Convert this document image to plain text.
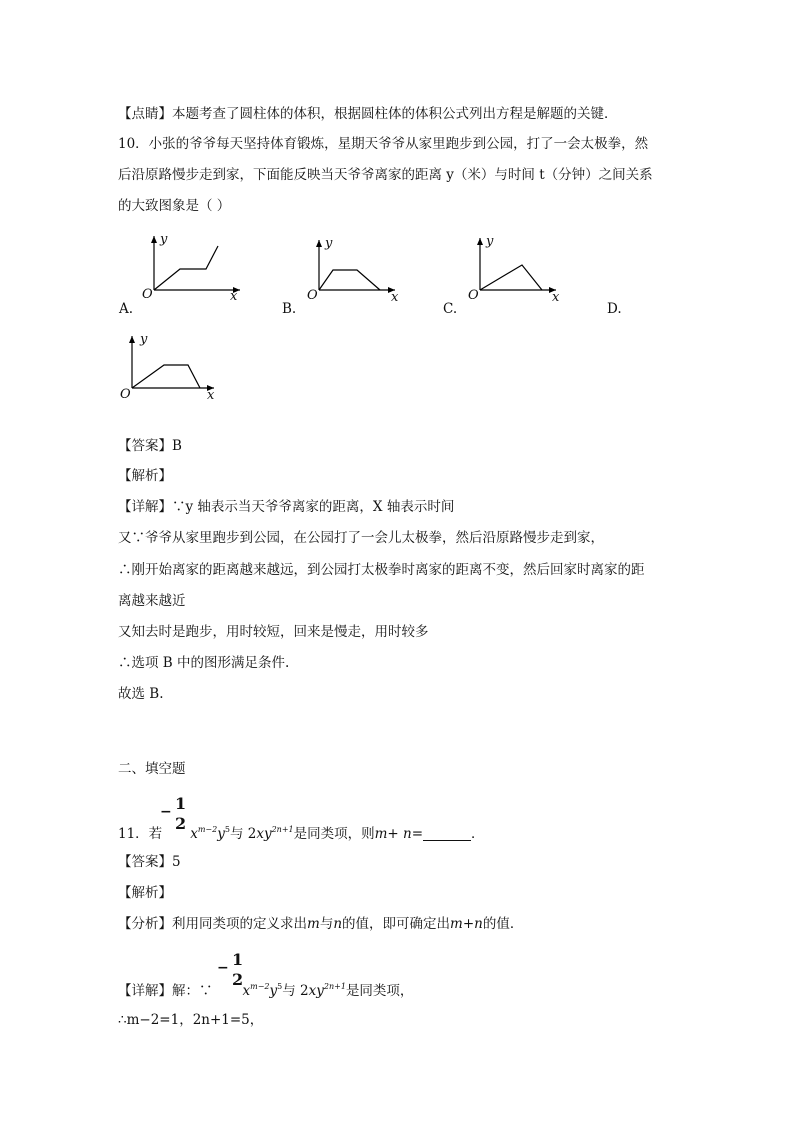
【点睛】本题考查了圆柱体的体积，根据圆柱体的体积公式列出方程是解题的关键．
10．小张的爷爷每天坚持体育锻炼，星期天爷爷从家里跑步到公园，打了一会太极拳，然
后沿原路慢步走到家，下面能反映当天爷爷离家的距离 y（米）与时间 t（分钟）之间关系
的大致图象是（ ）
y
x
O
A.
y
x
O
B.
y
x
O
C.	D.
y
x
O
【答案】B
【解析】
【详解】∵y 轴表示当天爷爷离家的距离，X 轴表示时间
又∵爷爷从家里跑步到公园，在公园打了一会儿太极拳，然后沿原路慢步走到家，
∴刚开始离家的距离越来越远，到公园打太极拳时离家的距离不变，然后回家时离家的距
离越来越近
又知去时是跑步，用时较短，回来是慢走，用时较多
∴选项 B 中的图形满足条件.
故选 B.
二、填空题
− 1
2
11．若 $x^{m-2}y^5$与 $2xy^{2n+1}$是同类项，则m+ n=	．
【答案】5
【解析】
【分析】利用同类项的定义求出m与n的值，即可确定出m+n的值．
− 1
2
【详解】解：∵ $x^{m-2}y^5$与 $2xy^{2n+1}$是同类项，
∴m−2=1，2n+1=5，
